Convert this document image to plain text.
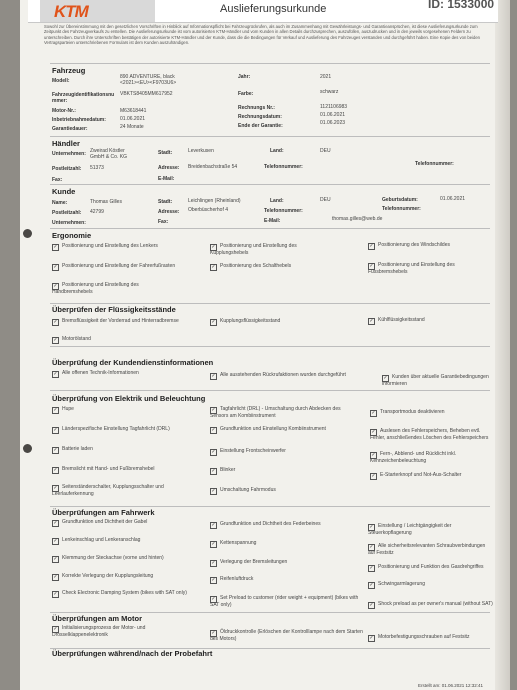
KTM	Auslieferungsurkunde	ID: 1533000
Sowohl zur Übereinstimmung mit den gesetzlichen Vorschriften in Hinblick auf Informationspflicht bei Fahrzeugrückrufen, als auch im Zusammenhang mit Gewährleistungs- und Garantieansprüchen, ist diese Auslieferungsurkunde zum Zeitpunkt des Fahrzeugverkaufs zu erstellen. Die Auslieferungsurkunde ist vom autorisierten KTM-Händler und vom Kunden in allen Details durchzusprechen, auszufüllen, auszudrucken und in den jeweils vorgesehenen Feldern zu unterschreiben. Durch ihre Unterschriften bestätigen der autorisierte KTM-Händler und der Kunde, dass die die Bedingungen für Verkauf und Auslieferung des Fahrzeuges verstanden und durchgeführt haben. Eine Kopie des von beiden Vertragsparteien unterschriebenen Formulars ist dem Kunden auszuhändigen.
Fahrzeug
Modell:
890 ADVENTURE, black
<2021><EU><F9703U6>
Jahr:	2021
Fahrzeugidentifikationsnu
mmer:
VBKTS8405MM617952	Farbe:	schwarz
Motor-Nr.:	M63618441	Rechnungs Nr.:	1121106983
Inbetriebnahmedatum:	01.06.2021	Rechnungsdatum:	01.06.2021
Garantiedauer:	24 Monate	Ende der Garantie:	01.06.2023
Händler
Unternehmen: Zweirad Köstler
GmbH & Co. KG
Stadt:	Leverkusen	Land:	DEU
Postleitzahl: 51373	Adresse: Breidenbachstraße 54	Telefonnummer:	Telefonnummer:
Fax:	E-Mail:
Kunde
Name:	Thomas Gilles	Stadt:	Leichlingen (Rheinland)	Land:	DEU	Geburtsdatum:	01.06.2021
Postleitzahl: 42799	Adresse: Oberbüscherhof 4	Telefonnummer:	Telefonnummer:
Unternehmen:	Fax:	E-Mail:	thomas.gilles@web.de
Ergonomie
✓ Positionierung und Einstellung des Lenkers	✓ Positionierung und Einstellung des Kupplungshebels
✓ Positionierung des Windschildes
✓ Positionierung und Einstellung der Fahrerfußrasten	✓ Positionierung des Schalthebels	✓ Positionierung und Einstellung des Fussbremshebels
✓ Positionierung und Einstellung des Handbremshebels
Überprüfen der Flüssigkeitsstände
✓ Bremsflüssigkeit der Vorderrad und Hinterradbremse	✓ Kupplungsflüssigkeitsstand	✓ Kühlflüssigkeitsstand
✓ Motorölstand
Überprüfung der Kundendienstinformationen
✓ Alle offenen Technik-Informationen	✓ Alle ausstehenden Rückrufaktionen wurden durchgeführt	✓ Kunden über aktuelle Garantiebedingungen informieren
Überprüfung von Elektrik und Beleuchtung
✓ Hupe	✓ Tagfahrlicht (DRL) - Umschaltung durch Abdecken des Sensors am Kombiinstrument
✓ Transportmodus deaktivieren
✓ Länderspezifische Einstellung Tagfahrlicht (DRL)	✓ Grundfunktion und Einstellung Kombiinstrument	✓ Auslesen des Fehlerspeichers, Beheben evtl. Fehler, anschließendes Löschen des Fehlerspeichers
✓ Batterie laden	✓ Einstellung Frontscheinwerfer
✓ Fern-, Abblend- und Rücklicht inkl. Kennzeichenbeleuchtung
✓ Bremslicht mit Hand- und Fußbremshebel	✓ Blinker
✓ E-Starterknopf und Not-Aus-Schalter
✓ Seitenständerschalter, Kupplungsschalter und Leerlauferkennung
✓ Umschaltung Fahrmodus
Überprüfungen am Fahrwerk
✓ Grundfunktion und Dichtheit der Gabel	✓ Grundfunktion und Dichtheit des Federbeines	✓ Einstellung / Leichtgängigkeit der Steuerkopflagerung
✓ Lenkeinschlag und Lenkeranschlag
✓ Kettenspannung
✓ Alle sicherheitsrelevanten Schraubverbindungen auf Festsitz
✓ Klemmung der Steckachse (vorne und hinten)
✓ Verlegung der Bremsleitungen
✓ Positionierung und Funktion des Gasdrehgriffes
✓ Korrekte Verlegung der Kupplungsleitung
✓ Reifenluftdruck
✓ Schwingarmlagerung
✓ Check Electronic Damping System (bikes with SAT only)
✓ Set Preload to customer (rider weight + equipment) (bikes with SAT only)	✓ Shock preload as per owner's manual (without SAT)
Überprüfungen am Motor
✓ Initialisierungsprozess der Motor- und Drosselklappenelektronik	✓ Öldruckkontrolle (Erlöschen der Kontrolllampe nach dem Starten des Motors)	✓ Motorbefestigungsschrauben auf Festsitz
Überprüfungen während/nach der Probefahrt
Erstellt am: 01.06.2021 12:32:41
